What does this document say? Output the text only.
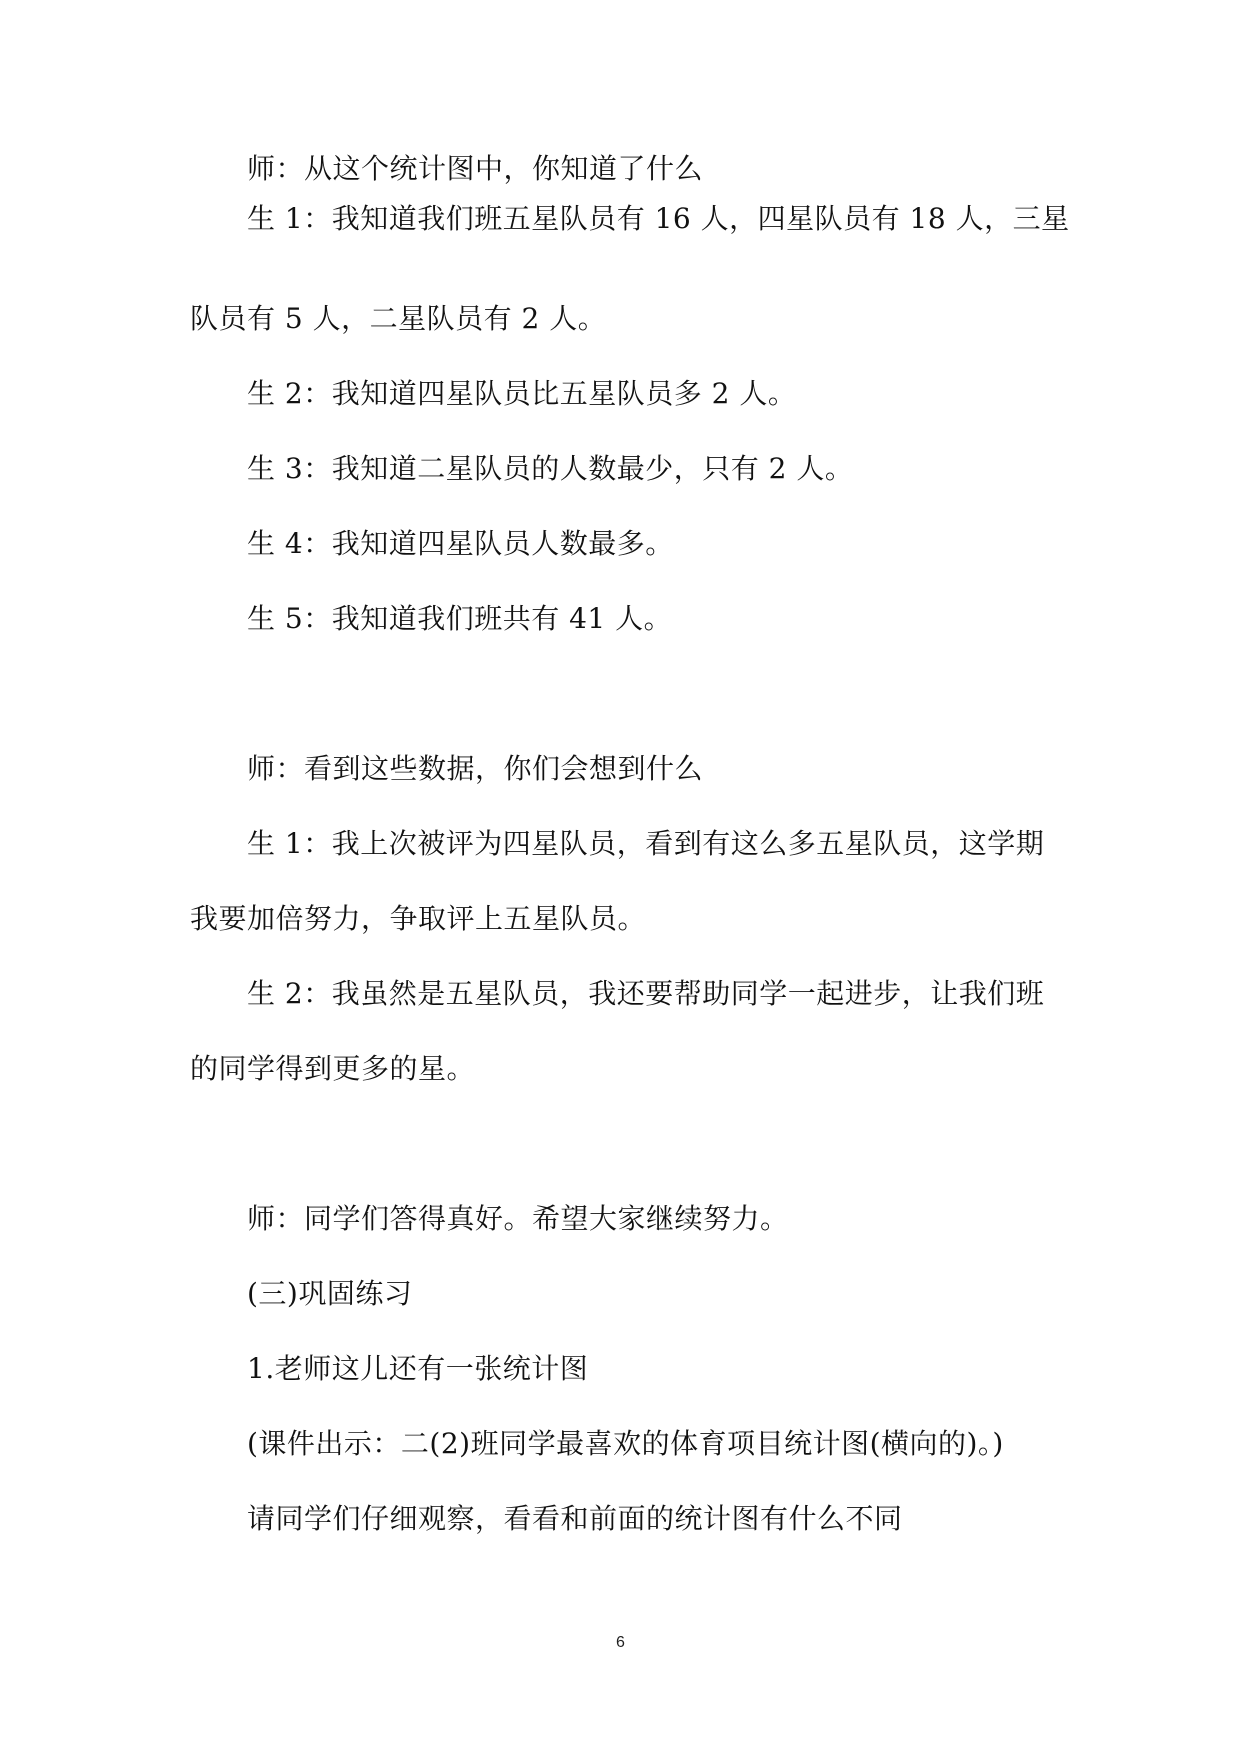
师：从这个统计图中，你知道了什么
生 1：我知道我们班五星队员有 16 人，四星队员有 18 人，三星
队员有 5 人，二星队员有 2 人。
生 2：我知道四星队员比五星队员多 2 人。
生 3：我知道二星队员的人数最少，只有 2 人。
生 4：我知道四星队员人数最多。
生 5：我知道我们班共有 41 人。
师：看到这些数据，你们会想到什么
生 1：我上次被评为四星队员，看到有这么多五星队员，这学期
我要加倍努力，争取评上五星队员。
生 2：我虽然是五星队员，我还要帮助同学一起进步，让我们班
的同学得到更多的星。
师：同学们答得真好。希望大家继续努力。
(三)巩固练习
1.老师这儿还有一张统计图
(课件出示：二(2)班同学最喜欢的体育项目统计图(横向的)。)
请同学们仔细观察，看看和前面的统计图有什么不同
6
